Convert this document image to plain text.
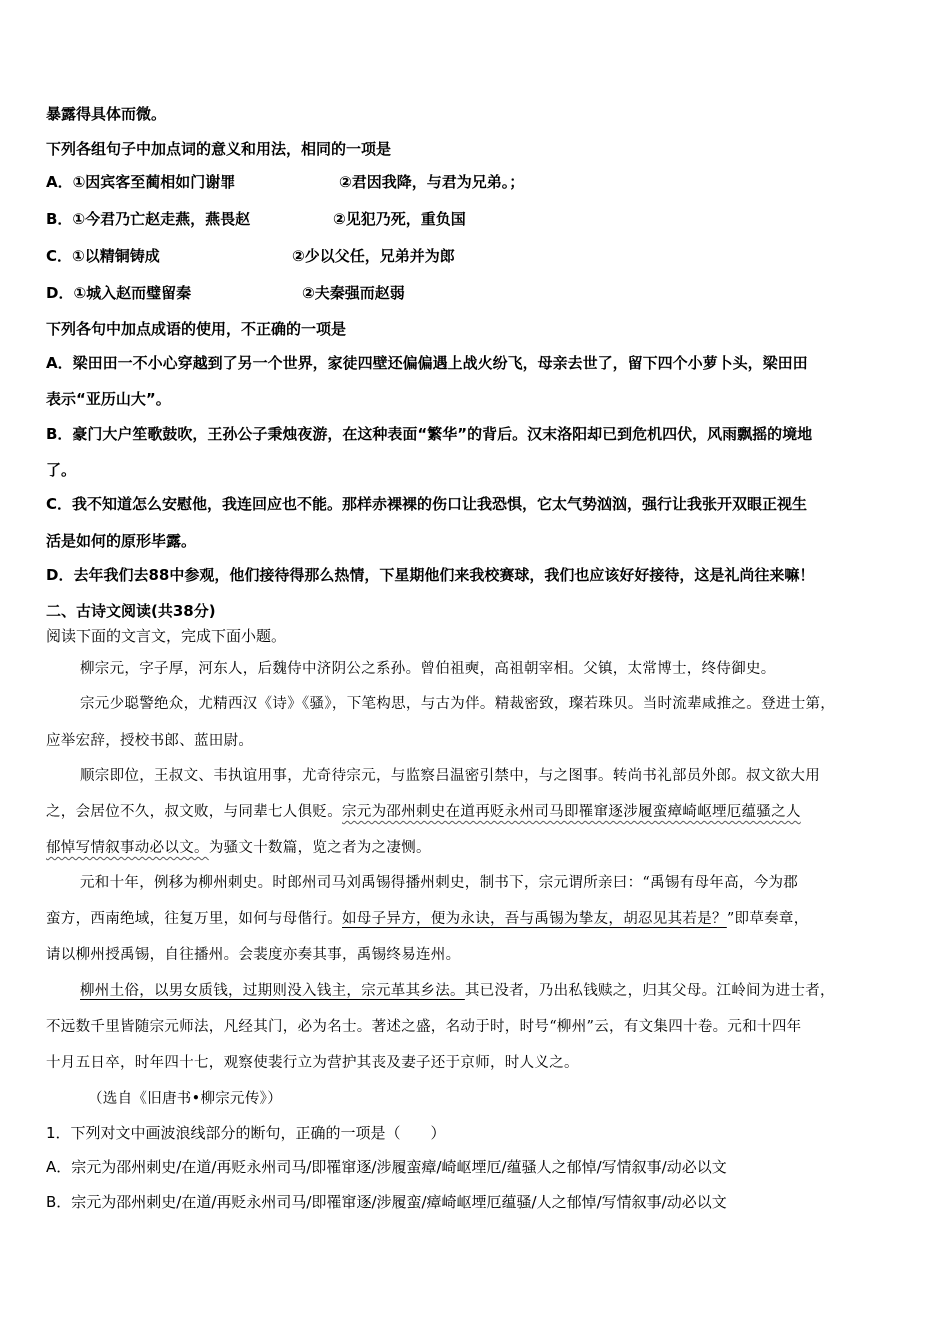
暴露得具体而微。
下列各组句子中加点词的意义和用法，相同的一项是
A．①因宾客至蔺相如门谢罪	②君因我降，与君为兄弟。；
B．①今君乃亡赵走燕，燕畏赵	②见犯乃死，重负国
C．①以精铜铸成	②少以父任，兄弟并为郎
D．①城入赵而璧留秦	②夫秦强而赵弱
下列各句中加点成语的使用，不正确的一项是
A．梁田田一不小心穿越到了另一个世界，家徒四壁还偏偏遇上战火纷飞，母亲去世了，留下四个小萝卜头，梁田田
表示“亚历山大”。
B．豪门大户笙歌鼓吹，王孙公子秉烛夜游，在这种表面“繁华”的背后。汉末洛阳却已到危机四伏，风雨飘摇的境地
了。
C．我不知道怎么安慰他，我连回应也不能。那样赤裸裸的伤口让我恐惧，它太气势汹汹，强行让我张开双眼正视生
活是如何的原形毕露。
D．去年我们去88中参观，他们接待得那么热情，下星期他们来我校赛球，我们也应该好好接待，这是礼尚往来嘛！
二、古诗文阅读(共38分)
阅读下面的文言文，完成下面小题。
柳宗元，字子厚，河东人，后魏侍中济阴公之系孙。曾伯祖奭，高祖朝宰相。父镇，太常博士，终侍御史。
宗元少聪警绝众，尤精西汉《诗》《骚》，下笔构思，与古为伴。精裁密致，璨若珠贝。当时流辈咸推之。登进士第，
应举宏辞，授校书郎、蓝田尉。
顺宗即位，王叔文、韦执谊用事，尤奇待宗元，与监察吕温密引禁中，与之图事。转尚书礼部员外郎。叔文欲大用
之，会居位不久，叔文败，与同辈七人俱贬。宗元为邵州刺史在道再贬永州司马即罹窜逐涉履蛮瘴崎岖堙厄蕴骚之人
郁悼写情叙事动必以文。为骚文十数篇，览之者为之凄恻。
元和十年，例移为柳州刺史。时郎州司马刘禹锡得播州刺史，制书下，宗元谓所亲曰：“禹锡有母年高，今为郡
蛮方，西南绝域，往复万里，如何与母偕行。如母子异方，便为永诀，吾与禹锡为挚友，胡忍见其若是？”即草奏章，
请以柳州授禹锡，自往播州。会裴度亦奏其事，禹锡终易连州。
柳州土俗，以男女质钱，过期则没入钱主，宗元革其乡法。其已没者，乃出私钱赎之，归其父母。江岭间为进士者，
不远数千里皆随宗元师法，凡经其门，必为名士。著述之盛，名动于时，时号“柳州”云，有文集四十卷。元和十四年
十月五日卒，时年四十七，观察使裴行立为营护其丧及妻子还于京师，时人义之。
（选自《旧唐书•柳宗元传》）
1．下列对文中画波浪线部分的断句，正确的一项是（　　）
A．宗元为邵州刺史/在道/再贬永州司马/即罹窜逐/涉履蛮瘴/崎岖堙厄/蕴骚人之郁悼/写情叙事/动必以文
B．宗元为邵州刺史/在道/再贬永州司马/即罹窜逐/涉履蛮/瘴崎岖堙厄蕴骚/人之郁悼/写情叙事/动必以文
